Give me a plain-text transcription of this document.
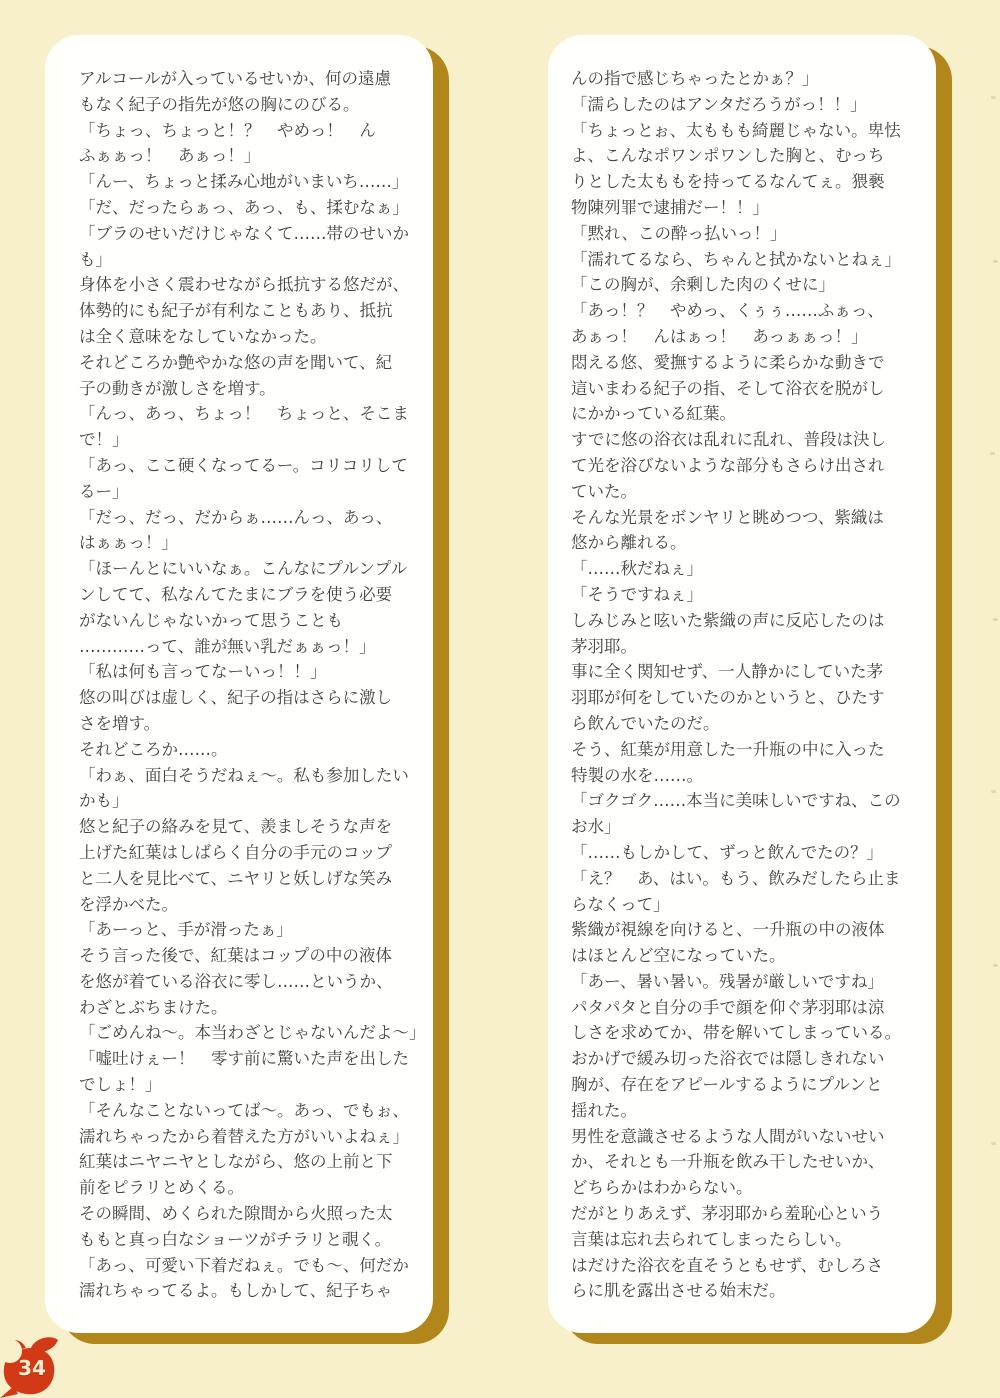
アルコールが入っているせいか、何の遠慮
もなく紀子の指先が悠の胸にのびる。
「ちょっ、ちょっと！？　やめっ！　ん
ふぁぁっ！　あぁっ！」
「んー、ちょっと揉み心地がいまいち……」
「だ、だったらぁっ、あっ、も、揉むなぁ」
「ブラのせいだけじゃなくて……帯のせいか
も」
身体を小さく震わせながら抵抗する悠だが、
体勢的にも紀子が有利なこともあり、抵抗
は全く意味をなしていなかった。
それどころか艶やかな悠の声を聞いて、紀
子の動きが激しさを増す。
「んっ、あっ、ちょっ！　ちょっと、そこま
で！」
「あっ、ここ硬くなってるー。コリコリして
るー」
「だっ、だっ、だからぁ……んっ、あっ、
はぁぁっ！」
「ほーんとにいいなぁ。こんなにプルンプル
ンしてて、私なんてたまにブラを使う必要
がないんじゃないかって思うことも
…………って、誰が無い乳だぁぁっ！」
「私は何も言ってなーいっ！！」
悠の叫びは虚しく、紀子の指はさらに激し
さを増す。
それどころか……。
「わぁ、面白そうだねぇ～。私も参加したい
かも」
悠と紀子の絡みを見て、羨ましそうな声を
上げた紅葉はしばらく自分の手元のコップ
と二人を見比べて、ニヤリと妖しげな笑み
を浮かべた。
「あーっと、手が滑ったぁ」
そう言った後で、紅葉はコップの中の液体
を悠が着ている浴衣に零し……というか、
わざとぶちまけた。
「ごめんね～。本当わざとじゃないんだよ～」
「嘘吐けぇー！　零す前に驚いた声を出した
でしょ！」
「そんなことないってば～。あっ、でもぉ、
濡れちゃったから着替えた方がいいよねぇ」
紅葉はニヤニヤとしながら、悠の上前と下
前をピラリとめくる。
その瞬間、めくられた隙間から火照った太
ももと真っ白なショーツがチラリと覗く。
「あっ、可愛い下着だねぇ。でも～、何だか
濡れちゃってるよ。もしかして、紀子ちゃ
んの指で感じちゃったとかぁ？」
「濡らしたのはアンタだろうがっ！！」
「ちょっとぉ、太ももも綺麗じゃない。卑怯
よ、こんなポワンポワンした胸と、むっち
りとした太ももを持ってるなんてぇ。猥褻
物陳列罪で逮捕だー！！」
「黙れ、この酔っ払いっ！」
「濡れてるなら、ちゃんと拭かないとねぇ」
「この胸が、余剰した肉のくせに」
「あっ！？　やめっ、くぅぅ……ふぁっ、
あぁっ！　んはぁっ！　あっぁぁっ！」
悶える悠、愛撫するように柔らかな動きで
這いまわる紀子の指、そして浴衣を脱がし
にかかっている紅葉。
すでに悠の浴衣は乱れに乱れ、普段は決し
て光を浴びないような部分もさらけ出され
ていた。
そんな光景をボンヤリと眺めつつ、紫織は
悠から離れる。
「……秋だねぇ」
「そうですねぇ」
しみじみと呟いた紫織の声に反応したのは
茅羽耶。
事に全く関知せず、一人静かにしていた茅
羽耶が何をしていたのかというと、ひたす
ら飲んでいたのだ。
そう、紅葉が用意した一升瓶の中に入った
特製の水を……。
「ゴクゴク……本当に美味しいですね、この
お水」
「……もしかして、ずっと飲んでたの？」
「え？　あ、はい。もう、飲みだしたら止ま
らなくって」
紫織が視線を向けると、一升瓶の中の液体
はほとんど空になっていた。
「あー、暑い暑い。残暑が厳しいですね」
パタパタと自分の手で顔を仰ぐ茅羽耶は涼
しさを求めてか、帯を解いてしまっている。
おかげで緩み切った浴衣では隠しきれない
胸が、存在をアピールするようにプルンと
揺れた。
男性を意識させるような人間がいないせい
か、それとも一升瓶を飲み干したせいか、
どちらかはわからない。
だがとりあえず、茅羽耶から羞恥心という
言葉は忘れ去られてしまったらしい。
はだけた浴衣を直そうともせず、むしろさ
らに肌を露出させる始末だ。
34
